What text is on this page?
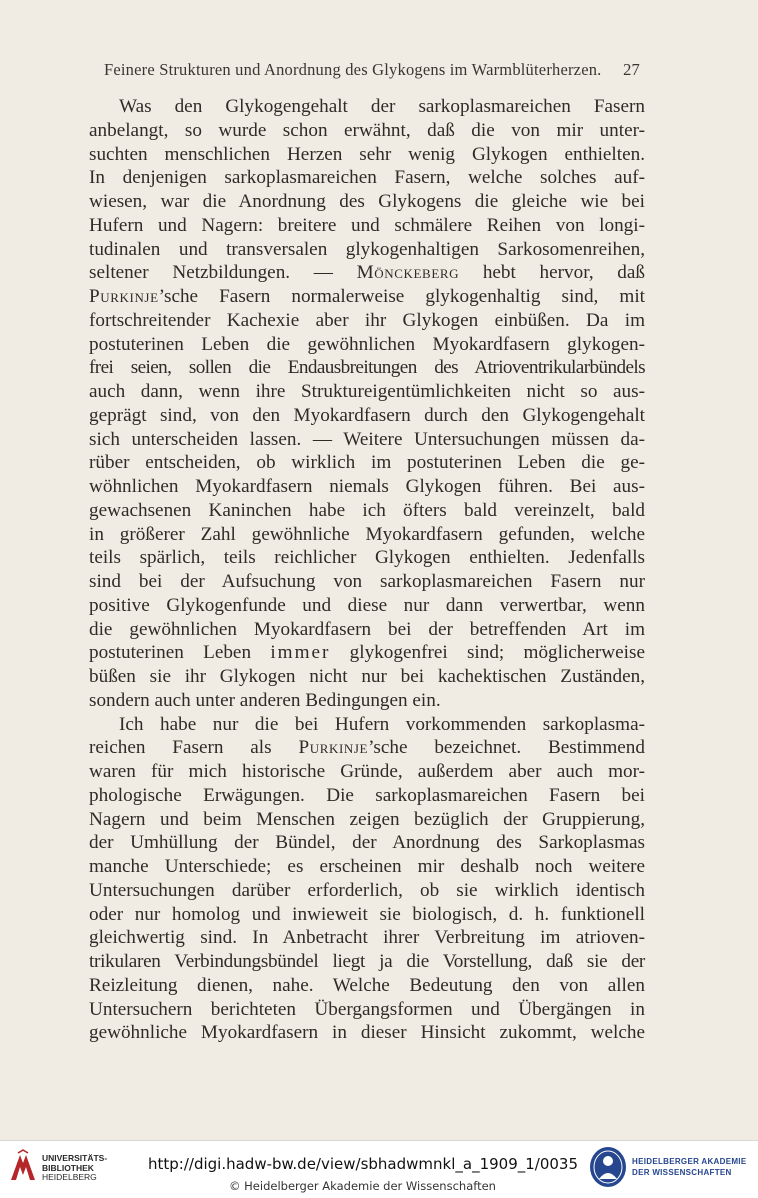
Feinere Strukturen und Anordnung des Glykogens im Warmblüterherzen. 27
Was den Glykogengehalt der sarkoplasmareichen Fasern
anbelangt, so wurde schon erwähnt, daß die von mir unter-
suchten menschlichen Herzen sehr wenig Glykogen enthielten.
In denjenigen sarkoplasmareichen Fasern, welche solches auf-
wiesen, war die Anordnung des Glykogens die gleiche wie bei
Hufern und Nagern: breitere und schmälere Reihen von longi-
tudinalen und transversalen glykogenhaltigen Sarkosomenreihen,
seltener Netzbildungen. — Mönckeberg hebt hervor, daß
Purkinje’sche Fasern normalerweise glykogenhaltig sind, mit
fortschreitender Kachexie aber ihr Glykogen einbüßen. Da im
postuterinen Leben die gewöhnlichen Myokardfasern glykogen-
frei seien, sollen die Endausbreitungen des Atrioventrikularbündels
auch dann, wenn ihre Struktureigentümlichkeiten nicht so aus-
geprägt sind, von den Myokardfasern durch den Glykogengehalt
sich unterscheiden lassen. — Weitere Untersuchungen müssen da-
rüber entscheiden, ob wirklich im postuterinen Leben die ge-
wöhnlichen Myokardfasern niemals Glykogen führen. Bei aus-
gewachsenen Kaninchen habe ich öfters bald vereinzelt, bald
in größerer Zahl gewöhnliche Myokardfasern gefunden, welche
teils spärlich, teils reichlicher Glykogen enthielten. Jedenfalls
sind bei der Aufsuchung von sarkoplasmareichen Fasern nur
positive Glykogenfunde und diese nur dann verwertbar, wenn
die gewöhnlichen Myokardfasern bei der betreffenden Art im
postuterinen Leben immer glykogenfrei sind; möglicherweise
büßen sie ihr Glykogen nicht nur bei kachektischen Zuständen,
sondern auch unter anderen Bedingungen ein.
Ich habe nur die bei Hufern vorkommenden sarkoplasma-
reichen Fasern als Purkinje’sche bezeichnet. Bestimmend
waren für mich historische Gründe, außerdem aber auch mor-
phologische Erwägungen. Die sarkoplasmareichen Fasern bei
Nagern und beim Menschen zeigen bezüglich der Gruppierung,
der Umhüllung der Bündel, der Anordnung des Sarkoplasmas
manche Unterschiede; es erscheinen mir deshalb noch weitere
Untersuchungen darüber erforderlich, ob sie wirklich identisch
oder nur homolog und inwieweit sie biologisch, d. h. funktionell
gleichwertig sind. In Anbetracht ihrer Verbreitung im atrioven-
trikularen Verbindungsbündel liegt ja die Vorstellung, daß sie der
Reizleitung dienen, nahe. Welche Bedeutung den von allen
Untersuchern berichteten Übergangsformen und Übergängen in
gewöhnliche Myokardfasern in dieser Hinsicht zukommt, welche
UNIVERSITÄTS-
BIBLIOTHEK
HEIDELBERG
http://digi.hadw-bw.de/view/sbhadwmnkl_a_1909_1/0035
© Heidelberger Akademie der Wissenschaften
HEIDELBERGER AKADEMIE
DER WISSENSCHAFTEN
